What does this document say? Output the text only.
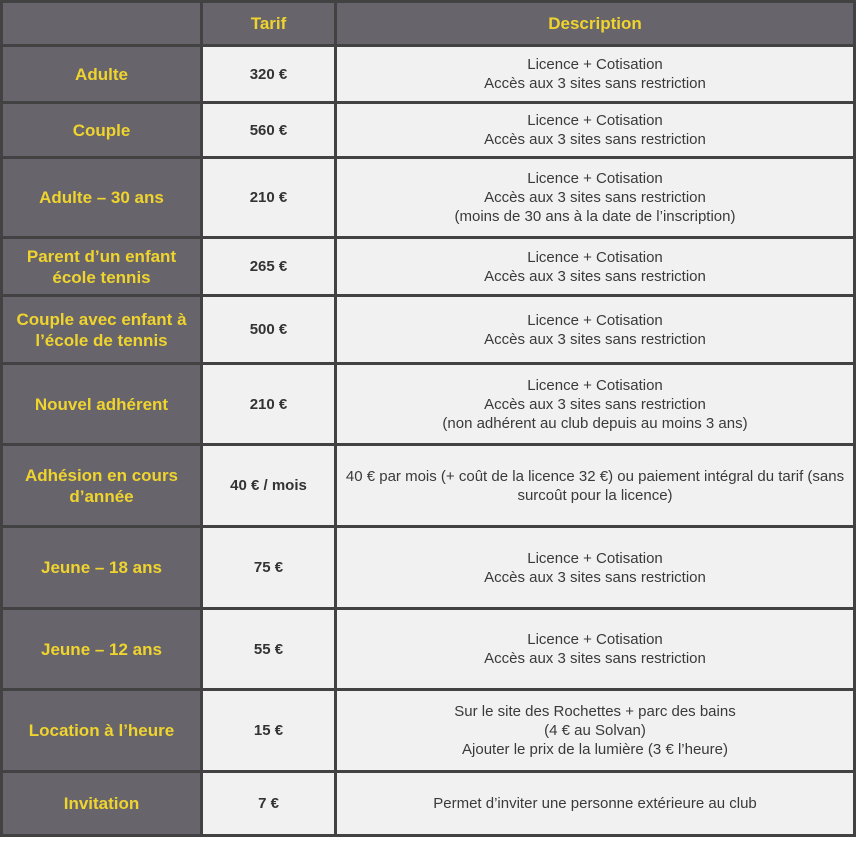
	Tarif	Description
Adulte	320 €	Licence + Cotisation
Accès aux 3 sites sans restriction

Couple	560 €	Licence + Cotisation
Accès aux 3 sites sans restriction

Adulte – 30 ans	210 €	Licence + Cotisation
Accès aux 3 sites sans restriction
(moins de 30 ans à la date de l’inscription)

Parent d’un enfant école tennis	265 €	Licence + Cotisation
Accès aux 3 sites sans restriction

Couple avec enfant à l’école de tennis	500 €	Licence + Cotisation
Accès aux 3 sites sans restriction

Nouvel adhérent	210 €	Licence + Cotisation
Accès aux 3 sites sans restriction
(non adhérent au club depuis au moins 3 ans)

Adhésion en cours d’année	40 € / mois	40 € par mois (+ coût de la licence 32 €) ou paiement intégral du tarif (sans surcoût pour la licence)

Jeune – 18 ans	75 €	Licence + Cotisation
Accès aux 3 sites sans restriction

Jeune – 12 ans	55 €	Licence + Cotisation
Accès aux 3 sites sans restriction

Location à l’heure	15 €	Sur le site des Rochettes + parc des bains
(4 € au Solvan)
Ajouter le prix de la lumière (3 € l’heure)

Invitation	7 €	Permet d’inviter une personne extérieure au club
